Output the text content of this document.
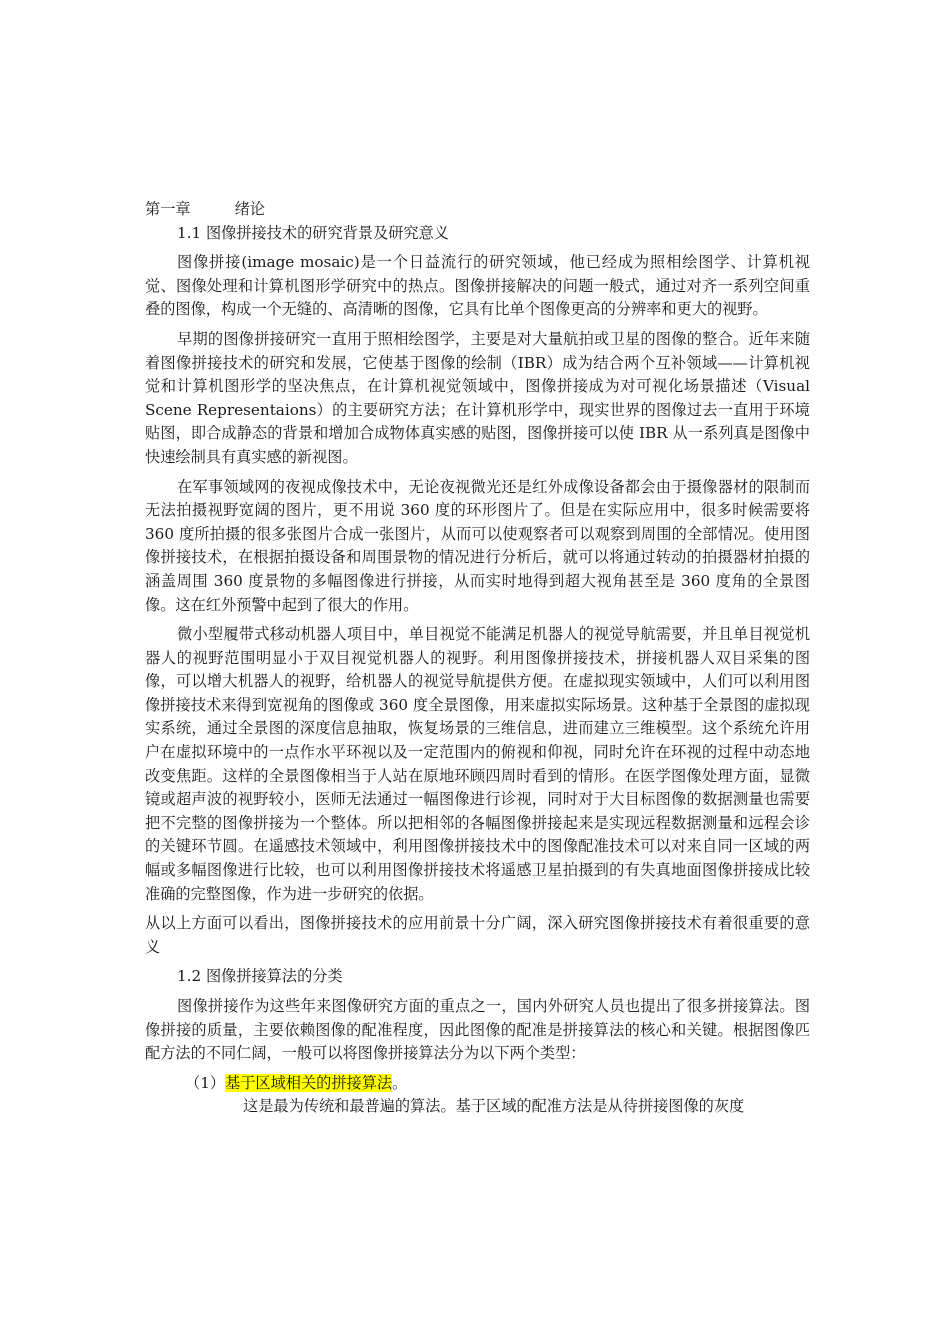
第一章	绪论

1.1 图像拼接技术的研究背景及研究意义

图像拼接(image mosaic)是一个日益流行的研究领域，他已经成为照相绘图学、计算机视觉、图像处理和计算机图形学研究中的热点。图像拼接解决的问题一般式，通过对齐一系列空间重叠的图像，构成一个无缝的、高清晰的图像，它具有比单个图像更高的分辨率和更大的视野。

早期的图像拼接研究一直用于照相绘图学，主要是对大量航拍或卫星的图像的整合。近年来随着图像拼接技术的研究和发展，它使基于图像的绘制（IBR）成为结合两个互补领域——计算机视觉和计算机图形学的坚决焦点，在计算机视觉领域中，图像拼接成为对可视化场景描述（Visual Scene Representaions）的主要研究方法；在计算机形学中，现实世界的图像过去一直用于环境贴图，即合成静态的背景和增加合成物体真实感的贴图，图像拼接可以使 IBR 从一系列真是图像中快速绘制具有真实感的新视图。

在军事领域网的夜视成像技术中，无论夜视微光还是红外成像设备都会由于摄像器材的限制而无法拍摄视野宽阔的图片，更不用说 360 度的环形图片了。但是在实际应用中，很多时候需要将 360 度所拍摄的很多张图片合成一张图片，从而可以使观察者可以观察到周围的全部情况。使用图像拼接技术，在根据拍摄设备和周围景物的情况进行分析后，就可以将通过转动的拍摄器材拍摄的涵盖周围 360 度景物的多幅图像进行拼接，从而实时地得到超大视角甚至是 360 度角的全景图像。这在红外预警中起到了很大的作用。

微小型履带式移动机器人项目中，单目视觉不能满足机器人的视觉导航需要，并且单目视觉机器人的视野范围明显小于双目视觉机器人的视野。利用图像拼接技术，拼接机器人双目采集的图像，可以增大机器人的视野，给机器人的视觉导航提供方便。在虚拟现实领域中，人们可以利用图像拼接技术来得到宽视角的图像或 360 度全景图像，用来虚拟实际场景。这种基于全景图的虚拟现实系统，通过全景图的深度信息抽取，恢复场景的三维信息，进而建立三维模型。这个系统允许用户在虚拟环境中的一点作水平环视以及一定范围内的俯视和仰视，同时允许在环视的过程中动态地改变焦距。这样的全景图像相当于人站在原地环顾四周时看到的情形。在医学图像处理方面，显微镜或超声波的视野较小，医师无法通过一幅图像进行诊视，同时对于大目标图像的数据测量也需要把不完整的图像拼接为一个整体。所以把相邻的各幅图像拼接起来是实现远程数据测量和远程会诊的关键环节圆。在遥感技术领域中，利用图像拼接技术中的图像配准技术可以对来自同一区域的两幅或多幅图像进行比较，也可以利用图像拼接技术将遥感卫星拍摄到的有失真地面图像拼接成比较准确的完整图像，作为进一步研究的依据。

从以上方面可以看出，图像拼接技术的应用前景十分广阔，深入研究图像拼接技术有着很重要的意义

1.2 图像拼接算法的分类

图像拼接作为这些年来图像研究方面的重点之一，国内外研究人员也提出了很多拼接算法。图像拼接的质量，主要依赖图像的配准程度，因此图像的配准是拼接算法的核心和关键。根据图像匹配方法的不同仁阔，一般可以将图像拼接算法分为以下两个类型：

（1）基于区域相关的拼接算法。

这是最为传统和最普遍的算法。基于区域的配准方法是从待拼接图像的灰度
